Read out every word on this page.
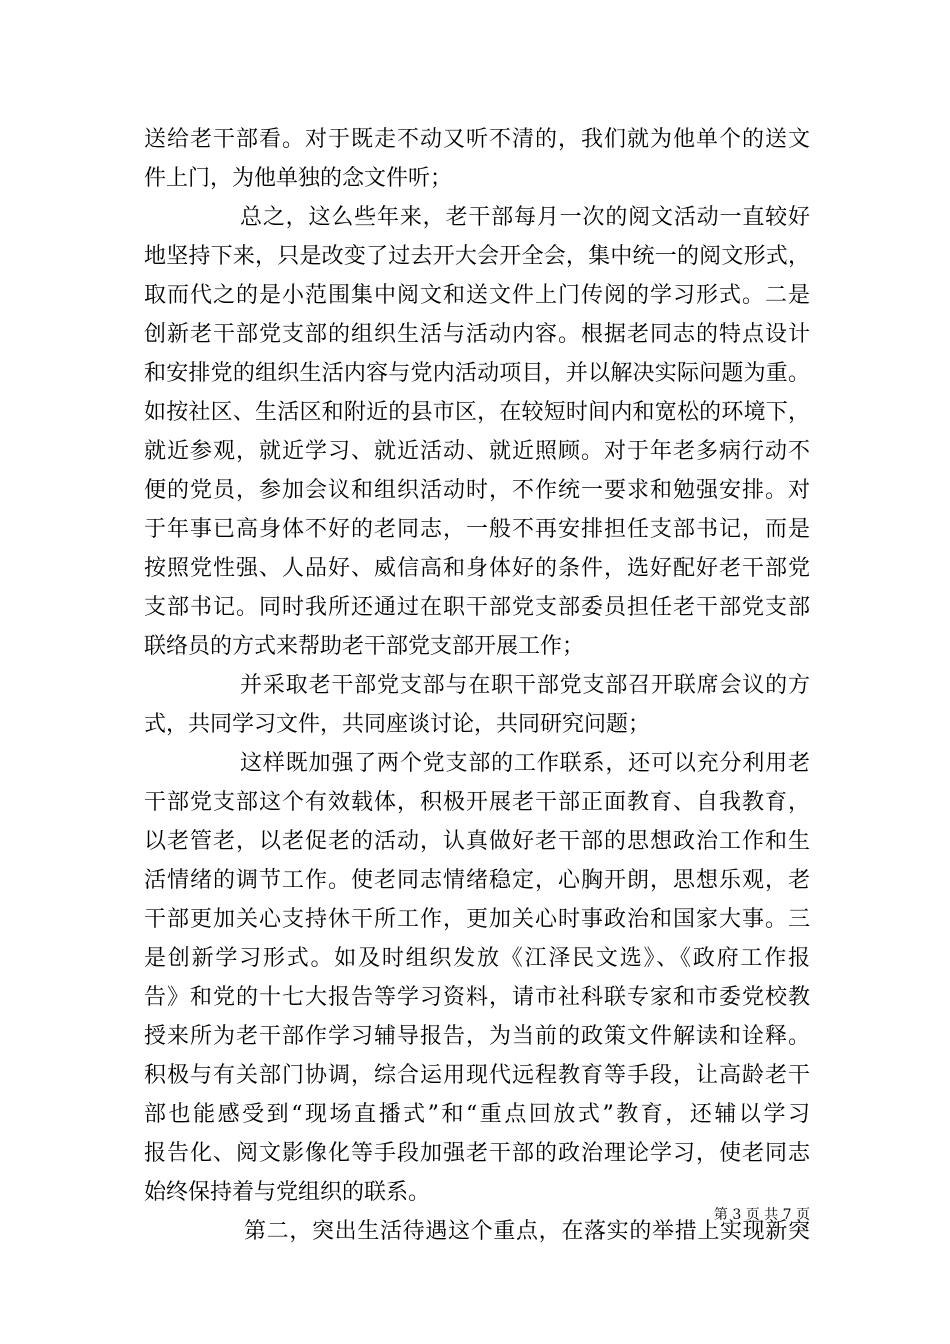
送给老干部看。对于既走不动又听不清的，我们就为他单个的送文
件上门，为他单独的念文件听；
总之，这么些年来，老干部每月一次的阅文活动一直较好
地坚持下来，只是改变了过去开大会开全会，集中统一的阅文形式，
取而代之的是小范围集中阅文和送文件上门传阅的学习形式。二是
创新老干部党支部的组织生活与活动内容。根据老同志的特点设计
和安排党的组织生活内容与党内活动项目，并以解决实际问题为重。
如按社区、生活区和附近的县市区，在较短时间内和宽松的环境下，
就近参观，就近学习、就近活动、就近照顾。对于年老多病行动不
便的党员，参加会议和组织活动时，不作统一要求和勉强安排。对
于年事已高身体不好的老同志，一般不再安排担任支部书记，而是
按照党性强、人品好、威信高和身体好的条件，选好配好老干部党
支部书记。同时我所还通过在职干部党支部委员担任老干部党支部
联络员的方式来帮助老干部党支部开展工作；
并采取老干部党支部与在职干部党支部召开联席会议的方
式，共同学习文件，共同座谈讨论，共同研究问题；
这样既加强了两个党支部的工作联系，还可以充分利用老
干部党支部这个有效载体，积极开展老干部正面教育、自我教育，
以老管老，以老促老的活动，认真做好老干部的思想政治工作和生
活情绪的调节工作。使老同志情绪稳定，心胸开朗，思想乐观，老
干部更加关心支持休干所工作，更加关心时事政治和国家大事。三
是创新学习形式。如及时组织发放《江泽民文选》、《政府工作报
告》和党的十七大报告等学习资料，请市社科联专家和市委党校教
授来所为老干部作学习辅导报告，为当前的政策文件解读和诠释。
积极与有关部门协调，综合运用现代远程教育等手段，让高龄老干
部也能感受到“现场直播式”和“重点回放式”教育，还辅以学习
报告化、阅文影像化等手段加强老干部的政治理论学习，使老同志
始终保持着与党组织的联系。
第二，突出生活待遇这个重点，在落实的举措上实现新突
第 3 页 共 7 页
